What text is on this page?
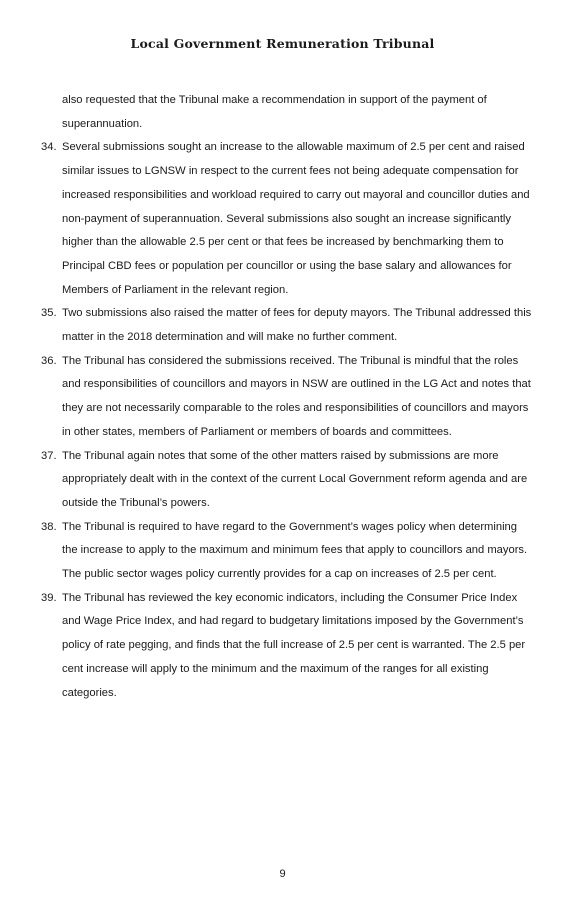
Local Government Remuneration Tribunal

also requested that the Tribunal make a recommendation in support of the payment of superannuation.

34. Several submissions sought an increase to the allowable maximum of 2.5 per cent and raised similar issues to LGNSW in respect to the current fees not being adequate compensation for increased responsibilities and workload required to carry out mayoral and councillor duties and non-payment of superannuation. Several submissions also sought an increase significantly higher than the allowable 2.5 per cent or that fees be increased by benchmarking them to Principal CBD fees or population per councillor or using the base salary and allowances for Members of Parliament in the relevant region.
35. Two submissions also raised the matter of fees for deputy mayors. The Tribunal addressed this matter in the 2018 determination and will make no further comment.
36. The Tribunal has considered the submissions received. The Tribunal is mindful that the roles and responsibilities of councillors and mayors in NSW are outlined in the LG Act and notes that they are not necessarily comparable to the roles and responsibilities of councillors and mayors in other states, members of Parliament or members of boards and committees.
37. The Tribunal again notes that some of the other matters raised by submissions are more appropriately dealt with in the context of the current Local Government reform agenda and are outside the Tribunal’s powers.
38. The Tribunal is required to have regard to the Government’s wages policy when determining the increase to apply to the maximum and minimum fees that apply to councillors and mayors. The public sector wages policy currently provides for a cap on increases of 2.5 per cent.
39. The Tribunal has reviewed the key economic indicators, including the Consumer Price Index and Wage Price Index, and had regard to budgetary limitations imposed by the Government’s policy of rate pegging, and finds that the full increase of 2.5 per cent is warranted. The 2.5 per cent increase will apply to the minimum and the maximum of the ranges for all existing categories.
9
